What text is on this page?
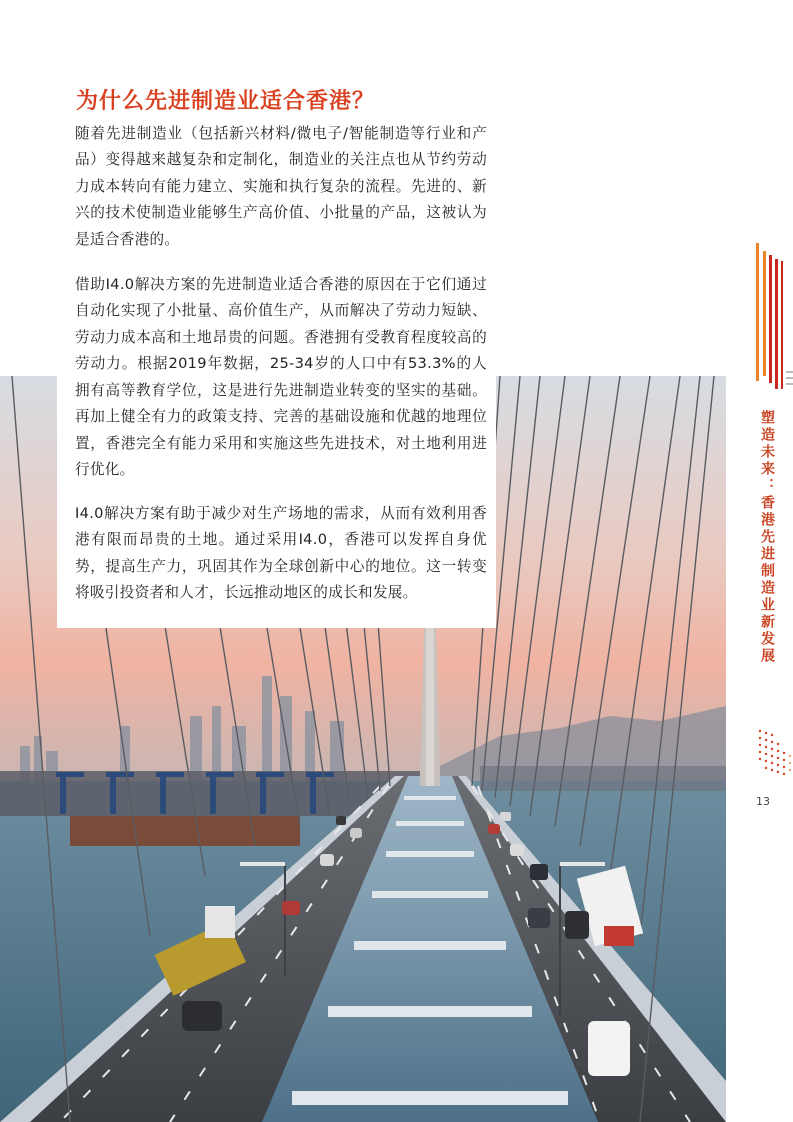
为什么先进制造业适合香港？

随着先进制造业（包括新兴材料/微电子/智能制造等行业和产品）变得越来越复杂和定制化，制造业的关注点也从节约劳动力成本转向有能力建立、实施和执行复杂的流程。先进的、新兴的技术使制造业能够生产高价值、小批量的产品，这被认为是适合香港的。

借助I4.0解决方案的先进制造业适合香港的原因在于它们通过自动化实现了小批量、高价值生产，从而解决了劳动力短缺、劳动力成本高和土地昂贵的问题。香港拥有受教育程度较高的劳动力。根据2019年数据，25-34岁的人口中有53.3%的人拥有高等教育学位，这是进行先进制造业转变的坚实的基础。再加上健全有力的政策支持、完善的基础设施和优越的地理位置，香港完全有能力采用和实施这些先进技术，对土地利用进行优化。

I4.0解决方案有助于减少对生产场地的需求，从而有效利用香港有限而昂贵的土地。通过采用I4.0，香港可以发挥自身优势，提高生产力，巩固其作为全球创新中心的地位。这一转变将吸引投资者和人才，长远推动地区的成长和发展。	塑造未来：香港先进制造业新发展
13
